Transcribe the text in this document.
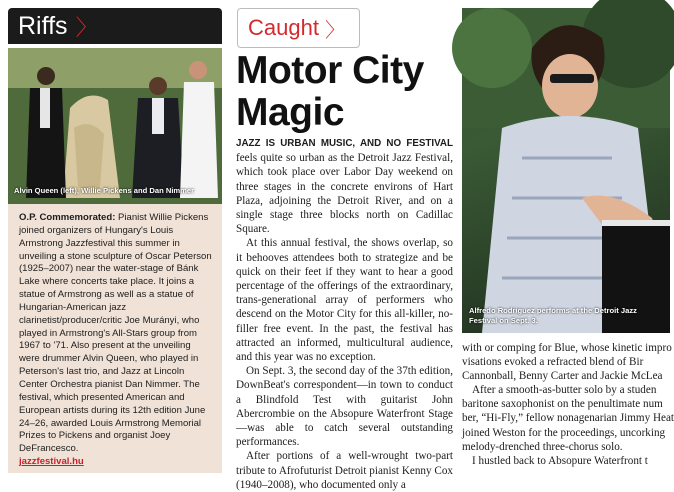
Riffs 〉
Alvin Queen (left), Willie Pickens and Dan Nimmer
O.P. Commemorated: Pianist Willie Pickens joined organizers of Hungary's Louis Armstrong Jazzfestival this summer in unveiling a stone sculpture of Oscar Peterson (1925–2007) near the water-stage of Bánk Lake where concerts take place. It joins a statue of Armstrong as well as a statue of Hungarian-American jazz clarinetist/producer/critic Joe Murányi, who played in Armstrong's All-Stars group from 1967 to '71. Also present at the unveiling were drummer Alvin Queen, who played in Peterson's last trio, and Jazz at Lincoln Center Orchestra pianist Dan Nimmer. The festival, which presented American and European artists during its 12th edition June 24–26, awarded Louis Armstrong Memorial Prizes to Pickens and organist Joey DeFrancesco.
jazzfestival.hu
Caught 〉
Motor City Magic

JAZZ IS URBAN MUSIC, AND NO FESTIVAL feels quite so urban as the Detroit Jazz Festival, which took place over Labor Day weekend on three stages in the concrete environs of Hart Plaza, adjoining the Detroit River, and on a single stage three blocks north on Cadillac Square.

At this annual festival, the shows overlap, so it behooves attendees both to strategize and be quick on their feet if they want to hear a good percentage of the offerings of the extraordinary, trans-generational array of performers who descend on the Motor City for this all-killer, no-filler free event. In the past, the festival has attracted an informed, multicultural audience, and this year was no exception.

On Sept. 3, the second day of the 37th edition, DownBeat's correspondent—in town to conduct a Blindfold Test with guitarist John Abercrombie on the Absopure Waterfront Stage—was able to catch several outstanding performances.

After portions of a well-wrought two-part tribute to Afrofuturist Detroit pianist Kenny Cox (1940–2008), who documented only a

Alfredo Rodriguez performs at the Detroit Jazz Festival on Sept. 3.

with or comping for Blue, whose kinetic impro

visations evoked a refracted blend of Bir

Cannonball, Benny Carter and Jackie McLea

After a smooth-as-butter solo by a studen

baritone saxophonist on the penultimate num

ber, “Hi-Fly,” fellow nonagenarian Jimmy Heat

joined Weston for the proceedings, uncorking

melody-drenched three-chorus solo.

I hustled back to Absopure Waterfront t
